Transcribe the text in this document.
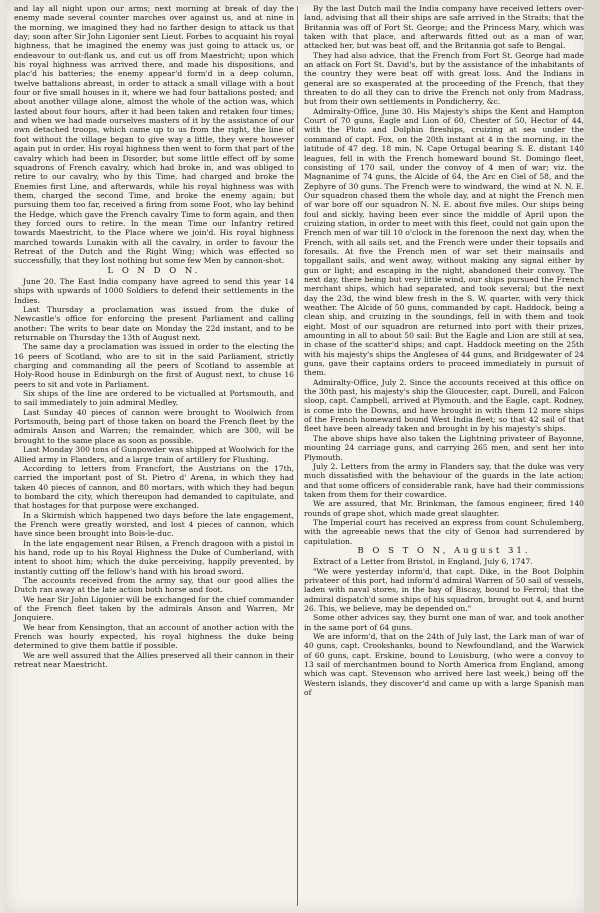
and lay all night upon our arms; next morning at break of day the enemy made several counter marches over against us, and at nine in the morning, we imagined they had no farther design to attack us that day; soon after Sir John Ligonier sent Lieut. Forbes to acquaint his royal highness, that he imagined the enemy was just going to attack us, or endeavour to out-flank us, and cut us off from Maestricht; upon which his royal highness was arrived there, and made his dispositions, and plac'd his batteries; the enemy appear'd form'd in a deep column, twelve battalions abreast, in order to attack a small village with a bout four or five small houses in it, where we had four battalions posted; and about another village alone, almost the whole of the action was, which lasted about four hours, after it had been taken and retaken four times; and when we had made ourselves masters of it by the assistance of our own detached troops, which came up to us from the right, the line of foot without the village began to give way a little, they were however again put in order. His royal highness then went to form that part of the cavalry which had been in Disorder, but some little effect off by some squadrons of French cavalry, which had broke in, and was obliged to retire to our cavalry, who by this Time, had charged and broke the Enemies first Line, and afterwards, while his royal highness was with them, charged the second Time, and broke the enemy again; but pursuing them too far, received a firing from some Foot, who lay behind the Hedge, which gave the French cavalry Time to form again, and then they forced ours to retire. In the mean Time our Infantry retired towards Maestricht, to the Place where we join'd. His royal highness marched towards Lunakin with all the cavalry, in order to favour the Retreat of the Dutch and the Right Wing; which was effected so successfully, that they lost nothing but some few Men by cannon-shot.

L O N D O N.

June 20. The East India company have agreed to send this year 14 ships with upwards of 1000 Soldiers to defend their settlements in the Indies.

Last Thursday a proclamation was issued from the duke of Newcastle's office for enforcing the present Parliament and calling another: The writs to bear date on Monday the 22d instant, and to be returnable on Thursday the 13th of August next.

The same day a proclamation was issued in order to the electing the 16 peers of Scotland, who are to sit in the said Parliament, strictly charging and commanding all the peers of Scotland to assemble at Holy-Rood house in Edinburgh on the first of August next, to chuse 16 peers to sit and vote in Parliament.

Six ships of the line are ordered to be victualled at Portsmouth, and to sail immediately to join admiral Medley.

Last Sunday 40 pieces of cannon were brought to Woolwich from Portsmouth, being part of those taken on board the French fleet by the admirals Anson and Warren; the remainder, which are 300, will be brought to the same place as soon as possible.

Last Monday 300 tons of Gunpowder was shipped at Woolwich for the Allied army in Flanders, and a large train of artillery for Flushing.

According to letters from Francfort, the Austrians on the 17th, carried the important post of St. Pietro d' Arena, in which they had taken 40 pieces of cannon, and 80 mortars, with which they had begun to bombard the city, which thereupon had demanded to capitulate, and that hostages for that purpose were exchanged.

In a Skirmish which happened two days before the late engagement, the French were greatly worsted, and lost 4 pieces of cannon, which have since been brought into Bois-le-duc.

In the late engagement near Bilsen, a French dragoon with a pistol in his hand, rode up to his Royal Highness the Duke of Cumberland, with intent to shoot him; which the duke perceiving, happily prevented, by instantly cutting off the fellow's hand with his broad sword.

The accounts received from the army say, that our good allies the Dutch ran away at the late action both horse and foot.

We hear Sir John Ligonier will be exchanged for the chief commander of the French fleet taken by the admirals Anson and Warren, Mr Jonquiere.

We hear from Kensington, that an account of another action with the French was hourly expected, his royal highness the duke being determined to give them battle if possible.

We are well assured that the Allies preserved all their cannon in their retreat near Maestricht.

By the last Dutch mail the India company have received letters over-land, advising that all their ships are safe arrived in the Straits; that the Britannia was off of Fort St. George; and the Princess Mary, which was taken with that place, and afterwards fitted out as a man of war, attacked her, but was beat off, and the Britannia got safe to Bengal.

They had also advice, that the French from Fort St. George had made an attack on Fort St. David's, but by the assistance of the inhabitants of the country they were beat off with great loss. And the Indians in general are so exasperated at the proceeding of the French, that they threaten to do all they can to drive the French not only from Madrass, but from their own settlements in Pondicherry, &c.

Admiralty-Office, June 30. His Majesty's ships the Kent and Hampton Court of 70 guns, Eagle and Lion of 60, Chester of 50, Hector of 44, with the Pluto and Dolphin fireships, cruizing at sea under the command of capt. Fox, on the 20th instant at 4 in the morning, in the latitude of 47 deg. 18 min. N. Cape Ortugal bearing S. E. distant 140 leagues, fell in with the French homeward bound St. Domingo fleet, consisting of 170 sail, under the convoy of 4 men of war; viz. the Magnanime of 74 guns, the Alcide of 64, the Arc en Ciel of 58, and the Zephyre of 30 guns. The French were to windward, the wind at N. N. E. Our squadron chased them the whole day, and at night the French men of war bore off our squadron N. N. E. about five miles. Our ships being foul and sickly, having been ever since the middle of April upon the cruizing station, in order to meet with this fleet, could not gain upon the French men of war till 10 o'clock in the forenoon the next day, when the French, with all sails set, and the French were under their topsails and foresails. At five the French men of war set their mainsails and topgallant sails, and went away, without making any signal either by gun or light; and escaping in the night, abandoned their convoy. The next day, there being but very little wind, our ships pursued the French merchant ships, which had separated, and took several; but the next day the 23d, the wind blew fresh in the S. W. quarter, with very thick weather. The Alcide of 50 guns, commanded by capt. Haddock, being a clean ship, and cruizing in the soundings, fell in with them and took eight. Most of our squadron are returned into port with their prizes, amounting in all to about 50 sail: But the Eagle and Lion are still at sea, in chase of the scatter'd ships; and capt. Haddock meeting on the 25th with his majesty's ships the Anglesea of 44 guns, and Bridgewater of 24 guns, gave their captains orders to proceed immediately in pursuit of them.

Admiralty-Office, July 2. Since the accounts received at this office on the 30th past, his majesty's ship the Gloucester, capt. Durell, and Falcon sloop, capt. Campbell, arrived at Plymouth, and the Eagle, capt. Rodney, is come into the Downs, and have brought in with them 12 more ships of the French homeward bound West India fleet; so that 42 sail of that fleet have been already taken and brought in by his majesty's ships.

The above ships have also taken the Lightning privateer of Bayonne, mounting 24 carriage guns, and carrying 265 men, and sent her into Plymouth.

July 2. Letters from the army in Flanders say, that the duke was very much dissatisfied with the behaviour of the guards in the late action; and that some officers of considerable rank, have had their commissions taken from them for their cowardice.

We are assured, that Mr. Brinkman, the famous engineer, fired 140 rounds of grape shot, which made great slaughter.

The Imperial court has received an express from count Schulemberg, with the agreeable news that the city of Genoa had surrendered by capitulation.

B O S T O N, August 31.

Extract of a Letter from Bristol, in England, July 6, 1747.

"We were yesterday inform'd, that capt. Dike, in the Boot Dolphin privateer of this port, had inform'd admiral Warren of 50 sail of vessels, laden with naval stores, in the bay of Biscay, bound to Ferrol; that the admiral dispatch'd some ships of his squadron, brought out 4, and burnt 26. This, we believe, may be depended on."

Some other advices say, they burnt one man of war, and took another in the same port of 64 guns.

We are inform'd, that on the 24th of July last, the Lark man of war of 40 guns, capt. Crookshanks, bound to Newfoundland, and the Warwick of 60 guns, capt. Erskine, bound to Louisburg, (who were a convoy to 13 sail of merchantmen bound to North America from England, among which was capt. Stevenson who arrived here last week,) being off the Western islands, they discover'd and came up with a large Spanish man of
